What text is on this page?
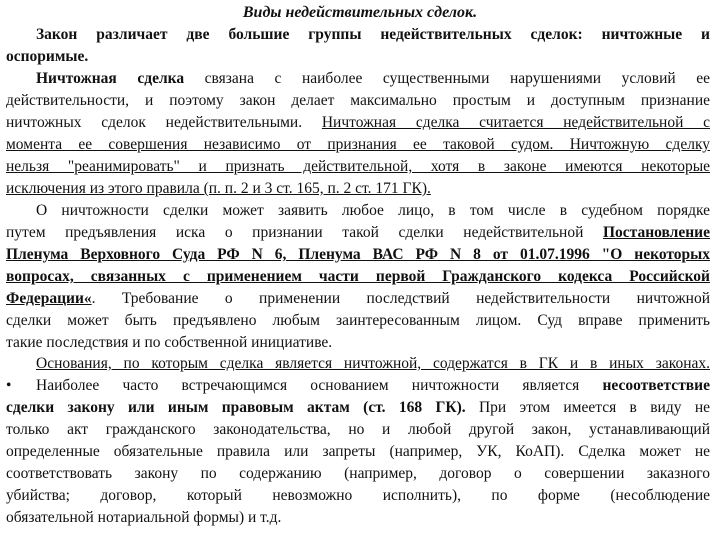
Виды недействительных сделок.
Закон различает две большие группы недействительных сделок: ничтожные и
оспоримые.
Ничтожная сделка связана с наиболее существенными нарушениями условий ее
действительности, и поэтому закон делает максимально простым и доступным признание
ничтожных сделок недействительными. Ничтожная сделка считается недействительной с
момента ее совершения независимо от признания ее таковой судом. Ничтожную сделку
нельзя "реанимировать" и признать действительной, хотя в законе имеются некоторые
исключения из этого правила (п. п. 2 и 3 ст. 165, п. 2 ст. 171 ГК).
О ничтожности сделки может заявить любое лицо, в том числе в судебном порядке
путем предъявления иска о признании такой сделки недействительной Постановление
Пленума Верховного Суда РФ N 6, Пленума ВАС РФ N 8 от 01.07.1996 "О некоторых
вопросах, связанных с применением части первой Гражданского кодекса Российской
Федерации«. Требование о применении последствий недействительности ничтожной
сделки может быть предъявлено любым заинтересованным лицом. Суд вправе применить
такие последствия и по собственной инициативе.
Основания, по которым сделка является ничтожной, содержатся в ГК и в иных законах.
• Наиболее часто встречающимся основанием ничтожности является несоответствие
сделки закону или иным правовым актам (ст. 168 ГК). При этом имеется в виду не
только акт гражданского законодательства, но и любой другой закон, устанавливающий
определенные обязательные правила или запреты (например, УК, КоАП). Сделка может не
соответствовать закону по содержанию (например, договор о совершении заказного
убийства; договор, который невозможно исполнить), по форме (несоблюдение
обязательной нотариальной формы) и т.д.
